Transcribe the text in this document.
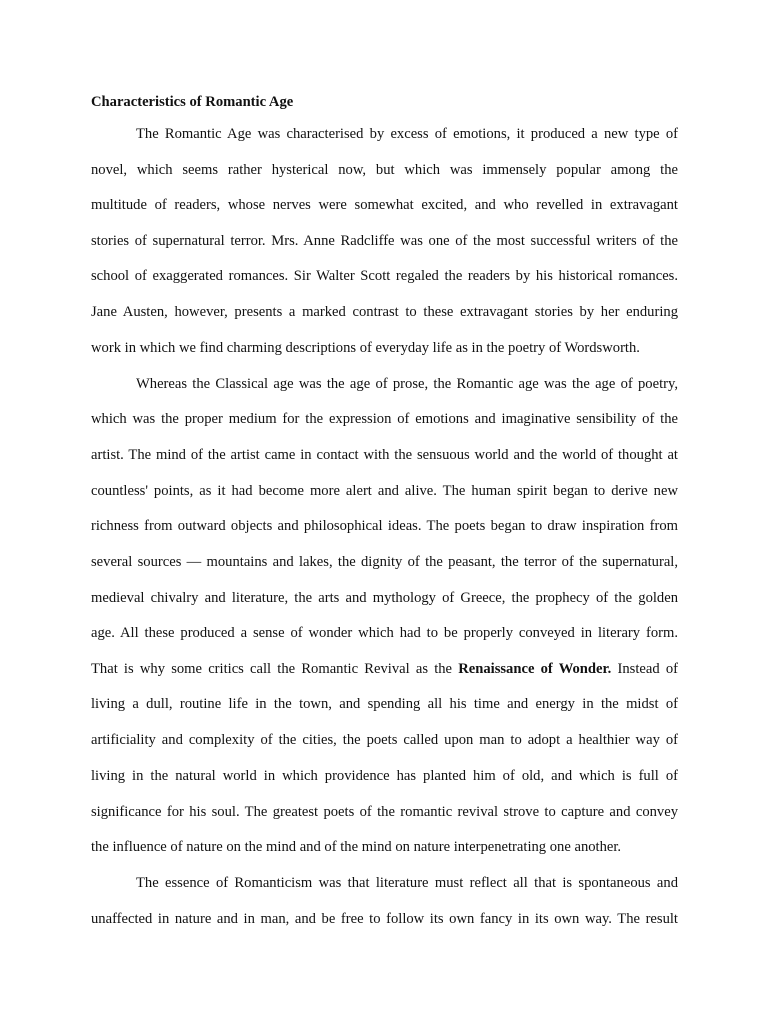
Characteristics of Romantic Age
The Romantic Age was characterised by excess of emotions, it produced a new type of
novel, which seems rather hysterical now, but which was immensely popular among the
multitude of readers, whose nerves were somewhat excited, and who revelled in extravagant
stories of supernatural terror. Mrs. Anne Radcliffe was one of the most successful writers of the
school of exaggerated romances. Sir Walter Scott regaled the readers by his historical romances.
Jane Austen, however, presents a marked contrast to these extravagant stories by her enduring
work in which we find charming descriptions of everyday life as in the poetry of Wordsworth.
Whereas the Classical age was the age of prose, the Romantic age was the age of poetry,
which was the proper medium for the expression of emotions and imaginative sensibility of the
artist. The mind of the artist came in contact with the sensuous world and the world of thought at
countless' points, as it had become more alert and alive. The human spirit began to derive new
richness from outward objects and philosophical ideas. The poets began to draw inspiration from
several sources — mountains and lakes, the dignity of the peasant, the terror of the supernatural,
medieval chivalry and literature, the arts and mythology of Greece, the prophecy of the golden
age. All these produced a sense of wonder which had to be properly conveyed in literary form.
That is why some critics call the Romantic Revival as the Renaissance of Wonder. Instead of
living a dull, routine life in the town, and spending all his time and energy in the midst of
artificiality and complexity of the cities, the poets called upon man to adopt a healthier way of
living in the natural world in which providence has planted him of old, and which is full of
significance for his soul. The greatest poets of the romantic revival strove to capture and convey
the influence of nature on the mind and of the mind on nature interpenetrating one another.
The essence of Romanticism was that literature must reflect all that is spontaneous and
unaffected in nature and in man, and be free to follow its own fancy in its own way. The result
